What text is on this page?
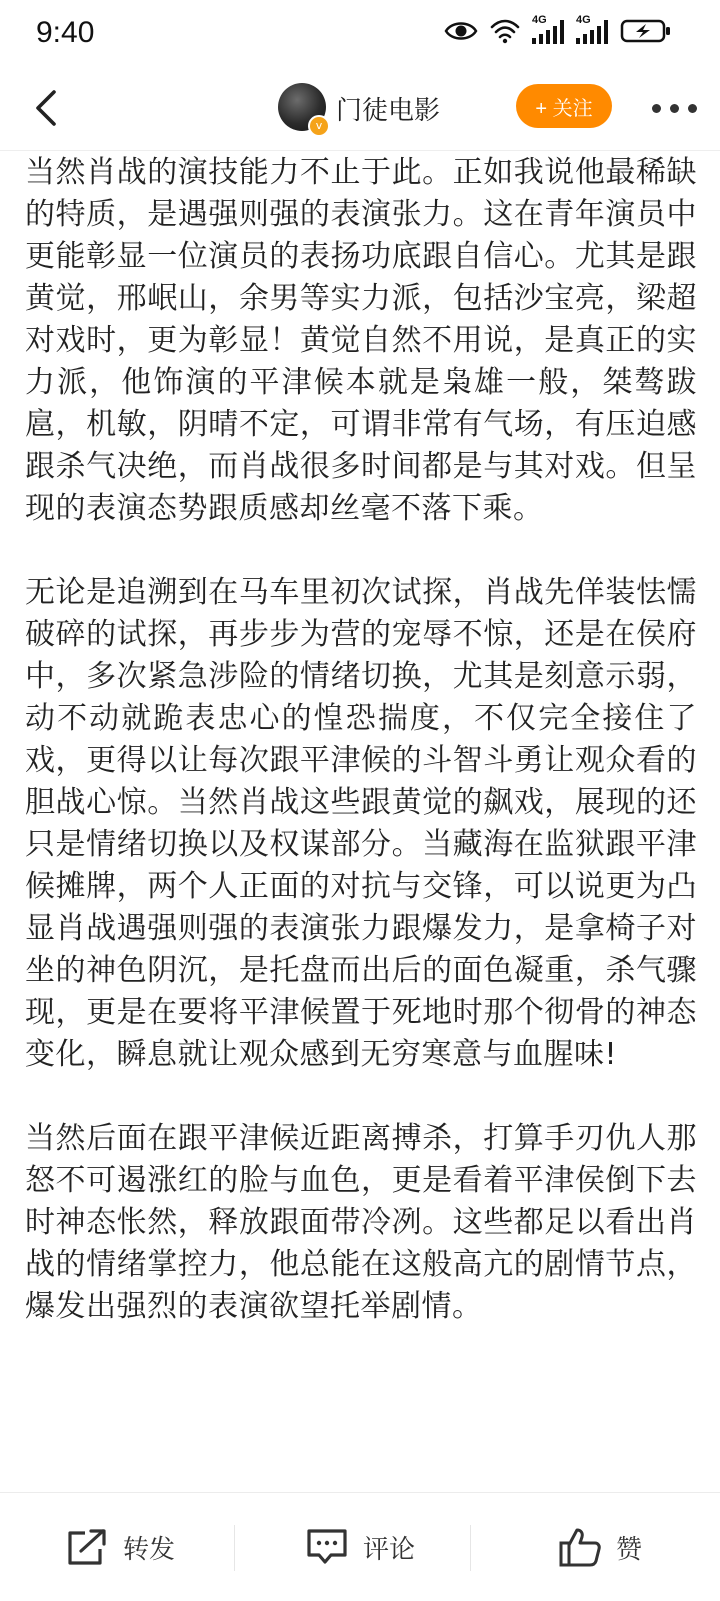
9:40	4G	4G
v 门徒电影	+ 关注

当然肖战的演技能力不止于此。正如我说他最稀缺的特质，是遇强则强的表演张力。这在青年演员中更能彰显一位演员的表扬功底跟自信心。尤其是跟黄觉，邢岷山，余男等实力派，包括沙宝亮，梁超对戏时，更为彰显！黄觉自然不用说，是真正的实力派，他饰演的平津候本就是枭雄一般，桀骜跋扈，机敏，阴晴不定，可谓非常有气场，有压迫感跟杀气决绝，而肖战很多时间都是与其对戏。但呈现的表演态势跟质感却丝毫不落下乘。

无论是追溯到在马车里初次试探，肖战先佯装怯懦破碎的试探，再步步为营的宠辱不惊，还是在侯府中，多次紧急涉险的情绪切换，尤其是刻意示弱，动不动就跪表忠心的惶恐揣度，不仅完全接住了戏，更得以让每次跟平津候的斗智斗勇让观众看的胆战心惊。当然肖战这些跟黄觉的飙戏，展现的还只是情绪切换以及权谋部分。当藏海在监狱跟平津候摊牌，两个人正面的对抗与交锋，可以说更为凸显肖战遇强则强的表演张力跟爆发力，是拿椅子对坐的神色阴沉，是托盘而出后的面色凝重，杀气骤现，更是在要将平津候置于死地时那个彻骨的神态变化，瞬息就让观众感到无穷寒意与血腥味!

当然后面在跟平津候近距离搏杀，打算手刃仇人那怒不可遏涨红的脸与血色，更是看着平津侯倒下去时神态怅然，释放跟面带冷冽。这些都足以看出肖战的情绪掌控力，他总能在这般高亢的剧情节点，爆发出强烈的表演欲望托举剧情。

转发	评论	赞
